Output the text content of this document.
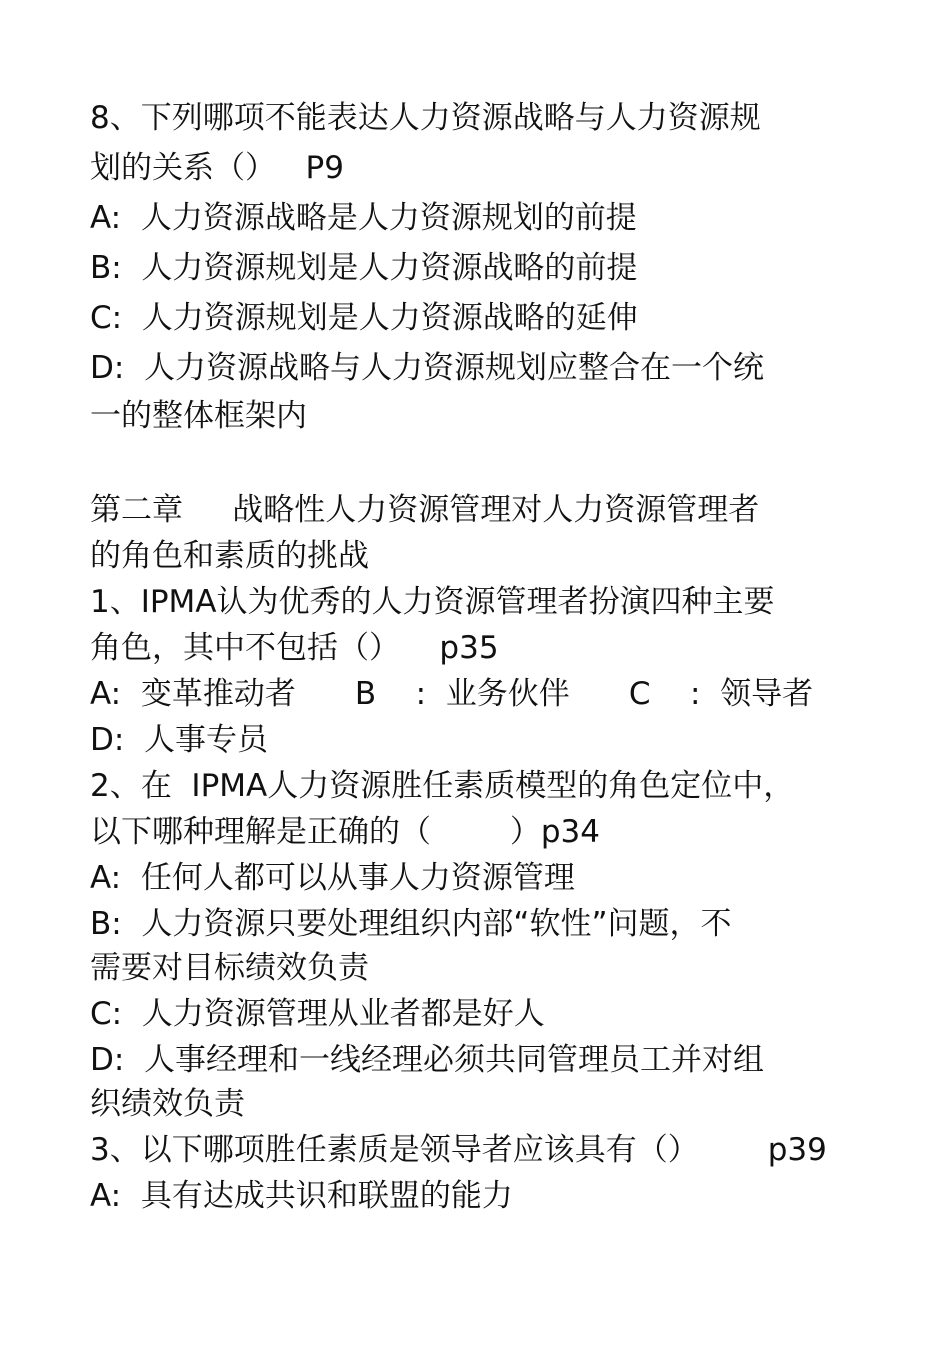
8、下列哪项不能表达人力资源战略与人力资源规
划的关系（）   P9
A:  人力资源战略是人力资源规划的前提
B:  人力资源规划是人力资源战略的前提
C:  人力资源规划是人力资源战略的延伸
D:  人力资源战略与人力资源规划应整合在一个统
一的整体框架内
第二章     战略性人力资源管理对人力资源管理者
的角色和素质的挑战
1、IPMA认为优秀的人力资源管理者扮演四种主要
角色，其中不包括（）    p35
A:  变革推动者      B    :  业务伙伴      C    :  领导者
D:  人事专员
2、在  IPMA人力资源胜任素质模型的角色定位中，
以下哪种理解是正确的（        ）p34
A:  任何人都可以从事人力资源管理
B:  人力资源只要处理组织内部“软性”问题，不
需要对目标绩效负责
C:  人力资源管理从业者都是好人
D:  人事经理和一线经理必须共同管理员工并对组
织绩效负责
3、以下哪项胜任素质是领导者应该具有（）       p39
A:  具有达成共识和联盟的能力
